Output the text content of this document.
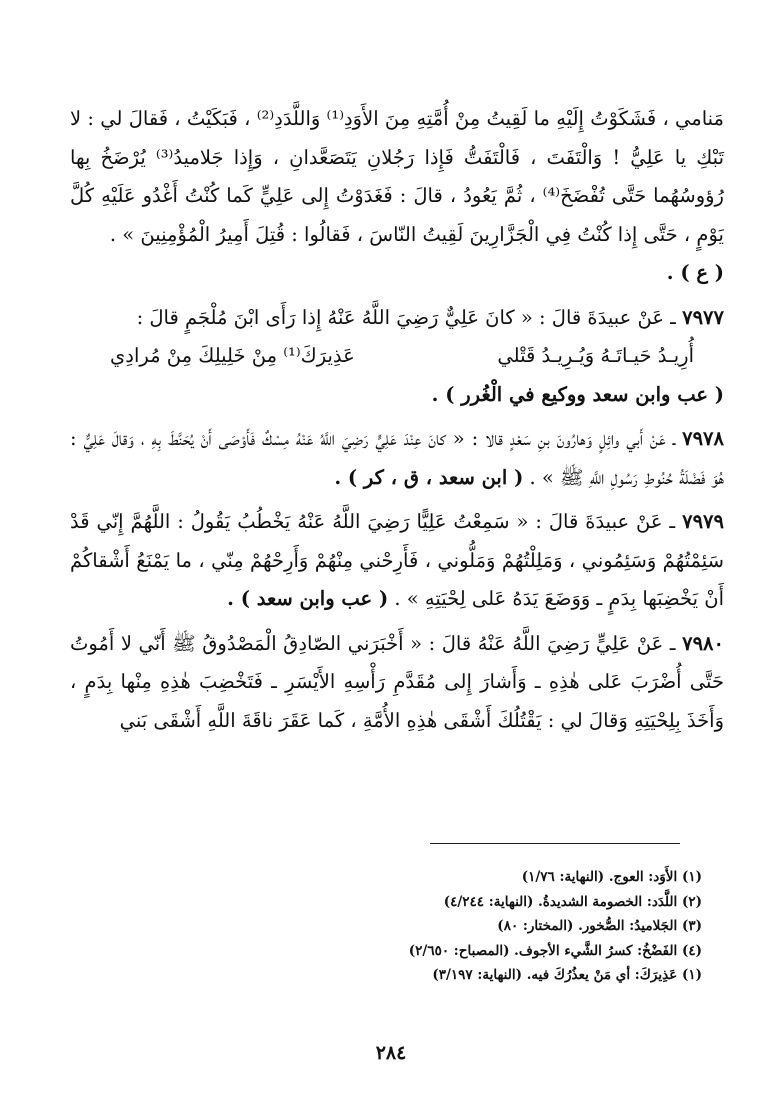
مَنامي ، فَشَكَوْتُ إِلَيْهِ ما لَقِيتُ مِنْ أُمَّتِهِ مِنَ الأَوَدِ⁽¹⁾ وَاللَّدَدِ⁽²⁾ ، فَبَكَيْتُ ، فَقالَ لي : لا تَبْكِ يا عَلِيُّ ! وَالْتَفَتَ ، فَالْتَفَتُّ فَإِذا رَجُلانِ يَتَصَعَّدانِ ، وَإِذا جَلاميدُ⁽³⁾ يُرْضَخُ بِها رُؤوسُهُما حَتَّى تُفْضَخَ⁽⁴⁾ ، ثُمَّ يَعُودُ ، قالَ : فَغَدَوْتُ إِلى عَلِيٍّ كَما كُنْتُ أَغْدُو عَلَيْهِ كُلَّ يَوْمٍ ، حَتَّى إِذا كُنْتُ فِي الْجَزَّارِينَ لَقِيتُ النّاسَ ، فَقالُوا : قُتِلَ أَمِيرُ الْمُؤْمِنِينَ » .

( ع ) .

٧٩٧٧ ـ عَنْ عبيدَةَ قالَ : « كانَ عَلِيٌّ رَضِيَ اللَّهُ عَنْهُ إِذا رَأَى ابْنَ مُلْجَمٍ قالَ :

أُرِيـدُ حَيـاتَـهُ وَيُـرِيـدُ قَتْلي
عَذِيرَكَ⁽¹⁾ مِنْ خَلِيلِكَ مِنْ مُرادِي

( عب وابن سعد ووكيع في الْغُرر ) .

٧٩٧٨ ـ عَنْ أَبي وائِلٍ وَهارُونَ بنِ سَعْدٍ قالا : « كانَ عِنْدَ عَلِيٍّ رَضِيَ اللَّهُ عَنْهُ مِسْكٌ فَأَوْصَى أَنْ يُحَنَّطَ بِهِ ، وَقالَ عَلِيٌّ : هُوَ فَضْلَةُ حُنُوطِ رَسُولِ اللَّهِ ﷺ » . ( ابن سعد ، ق ، كر ) .

٧٩٧٩ ـ عَنْ عبيدَةَ قالَ : « سَمِعْتُ عَلِيًّا رَضِيَ اللَّهُ عَنْهُ يَخْطُبُ يَقُولُ : اللَّهُمَّ إِنّي قَدْ سَئِمْتُهُمْ وَسَئِمُوني ، وَمَلِلْتُهُمْ وَمَلُّوني ، فَأَرِحْني مِنْهُمْ وَأَرِحْهُمْ مِنّي ، ما يَمْنَعُ أَشْقاكُمْ أَنْ يَخْضِبَها بِدَمٍ ـ وَوَضَعَ يَدَهُ عَلى لِحْيَتِهِ » . ( عب وابن سعد ) .

٧٩٨٠ ـ عَنْ عَلِيٍّ رَضِيَ اللَّهُ عَنْهُ قالَ : « أَخْبَرَني الصّادِقُ الْمَصْدُوقُ ﷺ أَنّي لا أَمُوتُ حَتَّى أُضْرَبَ عَلى هٰذِهِ ـ وَأَشارَ إِلى مُقَدَّمِ رَأْسِهِ الأَيْسَرِ ـ فَتَخْضِبَ هٰذِهِ مِنْها بِدَمٍ ، وَأَخَذَ بِلِحْيَتِهِ وَقالَ لي : يَقْتُلُكَ أَشْقَى هٰذِهِ الأُمَّةِ ، كَما عَقَرَ ناقَةَ اللَّهِ أَشْقَى بَني

(١) الأَوَد: العوج. (النهاية: ١/٧٦)
(٢) اللَّدَد: الخصومة الشديدةُ. (النهاية: ٤/٢٤٤)
(٣) الجَلاميدُ: الصُّخور. (المختار: ٨٠)
(٤) الفَضْخُ: كسرُ الشَّيء الأجوف. (المصباح: ٢/٦٥٠)
(١) عَذِيرَكَ: أي مَنْ يعذُرُكَ فيه. (النهاية: ٣/١٩٧)
٢٨٤
